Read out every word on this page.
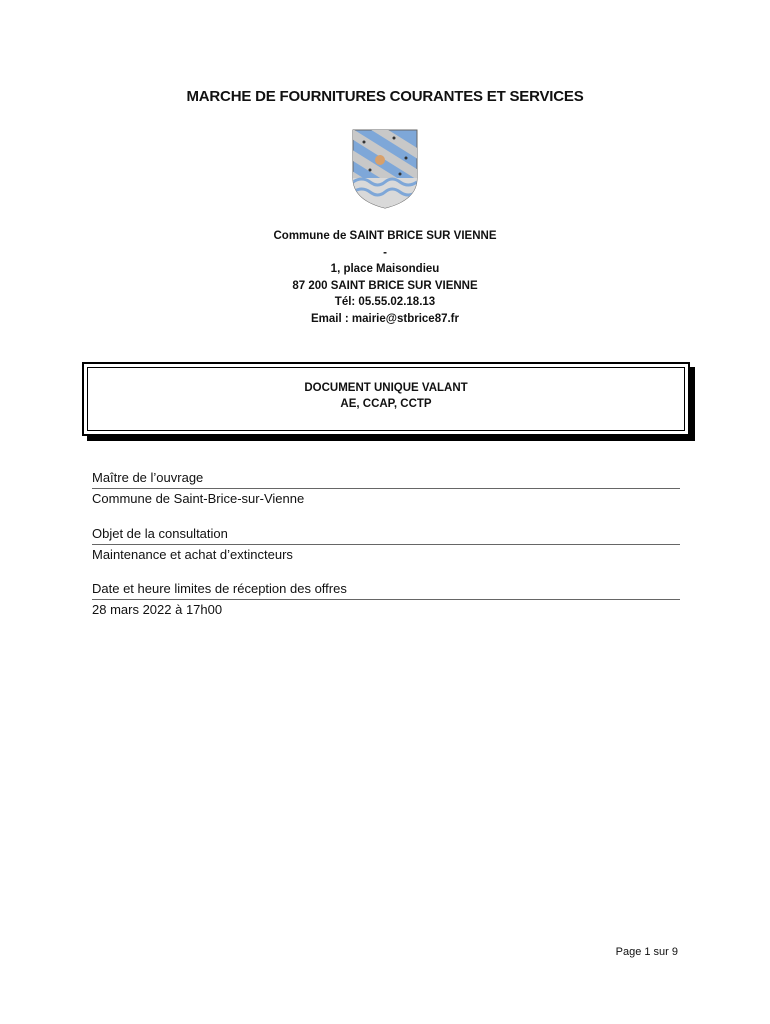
MARCHE DE FOURNITURES COURANTES ET SERVICES
Commune de SAINT BRICE SUR VIENNE
-
1, place Maisondieu
87 200 SAINT BRICE SUR VIENNE
Tél: 05.55.02.18.13
Email : mairie@stbrice87.fr
DOCUMENT UNIQUE VALANT
AE, CCAP, CCTP
Maître de l’ouvrage
Commune de Saint-Brice-sur-Vienne
Objet de la consultation
Maintenance et achat d’extincteurs
Date et heure limites de réception des offres
28 mars 2022 à 17h00
Page 1 sur 9
